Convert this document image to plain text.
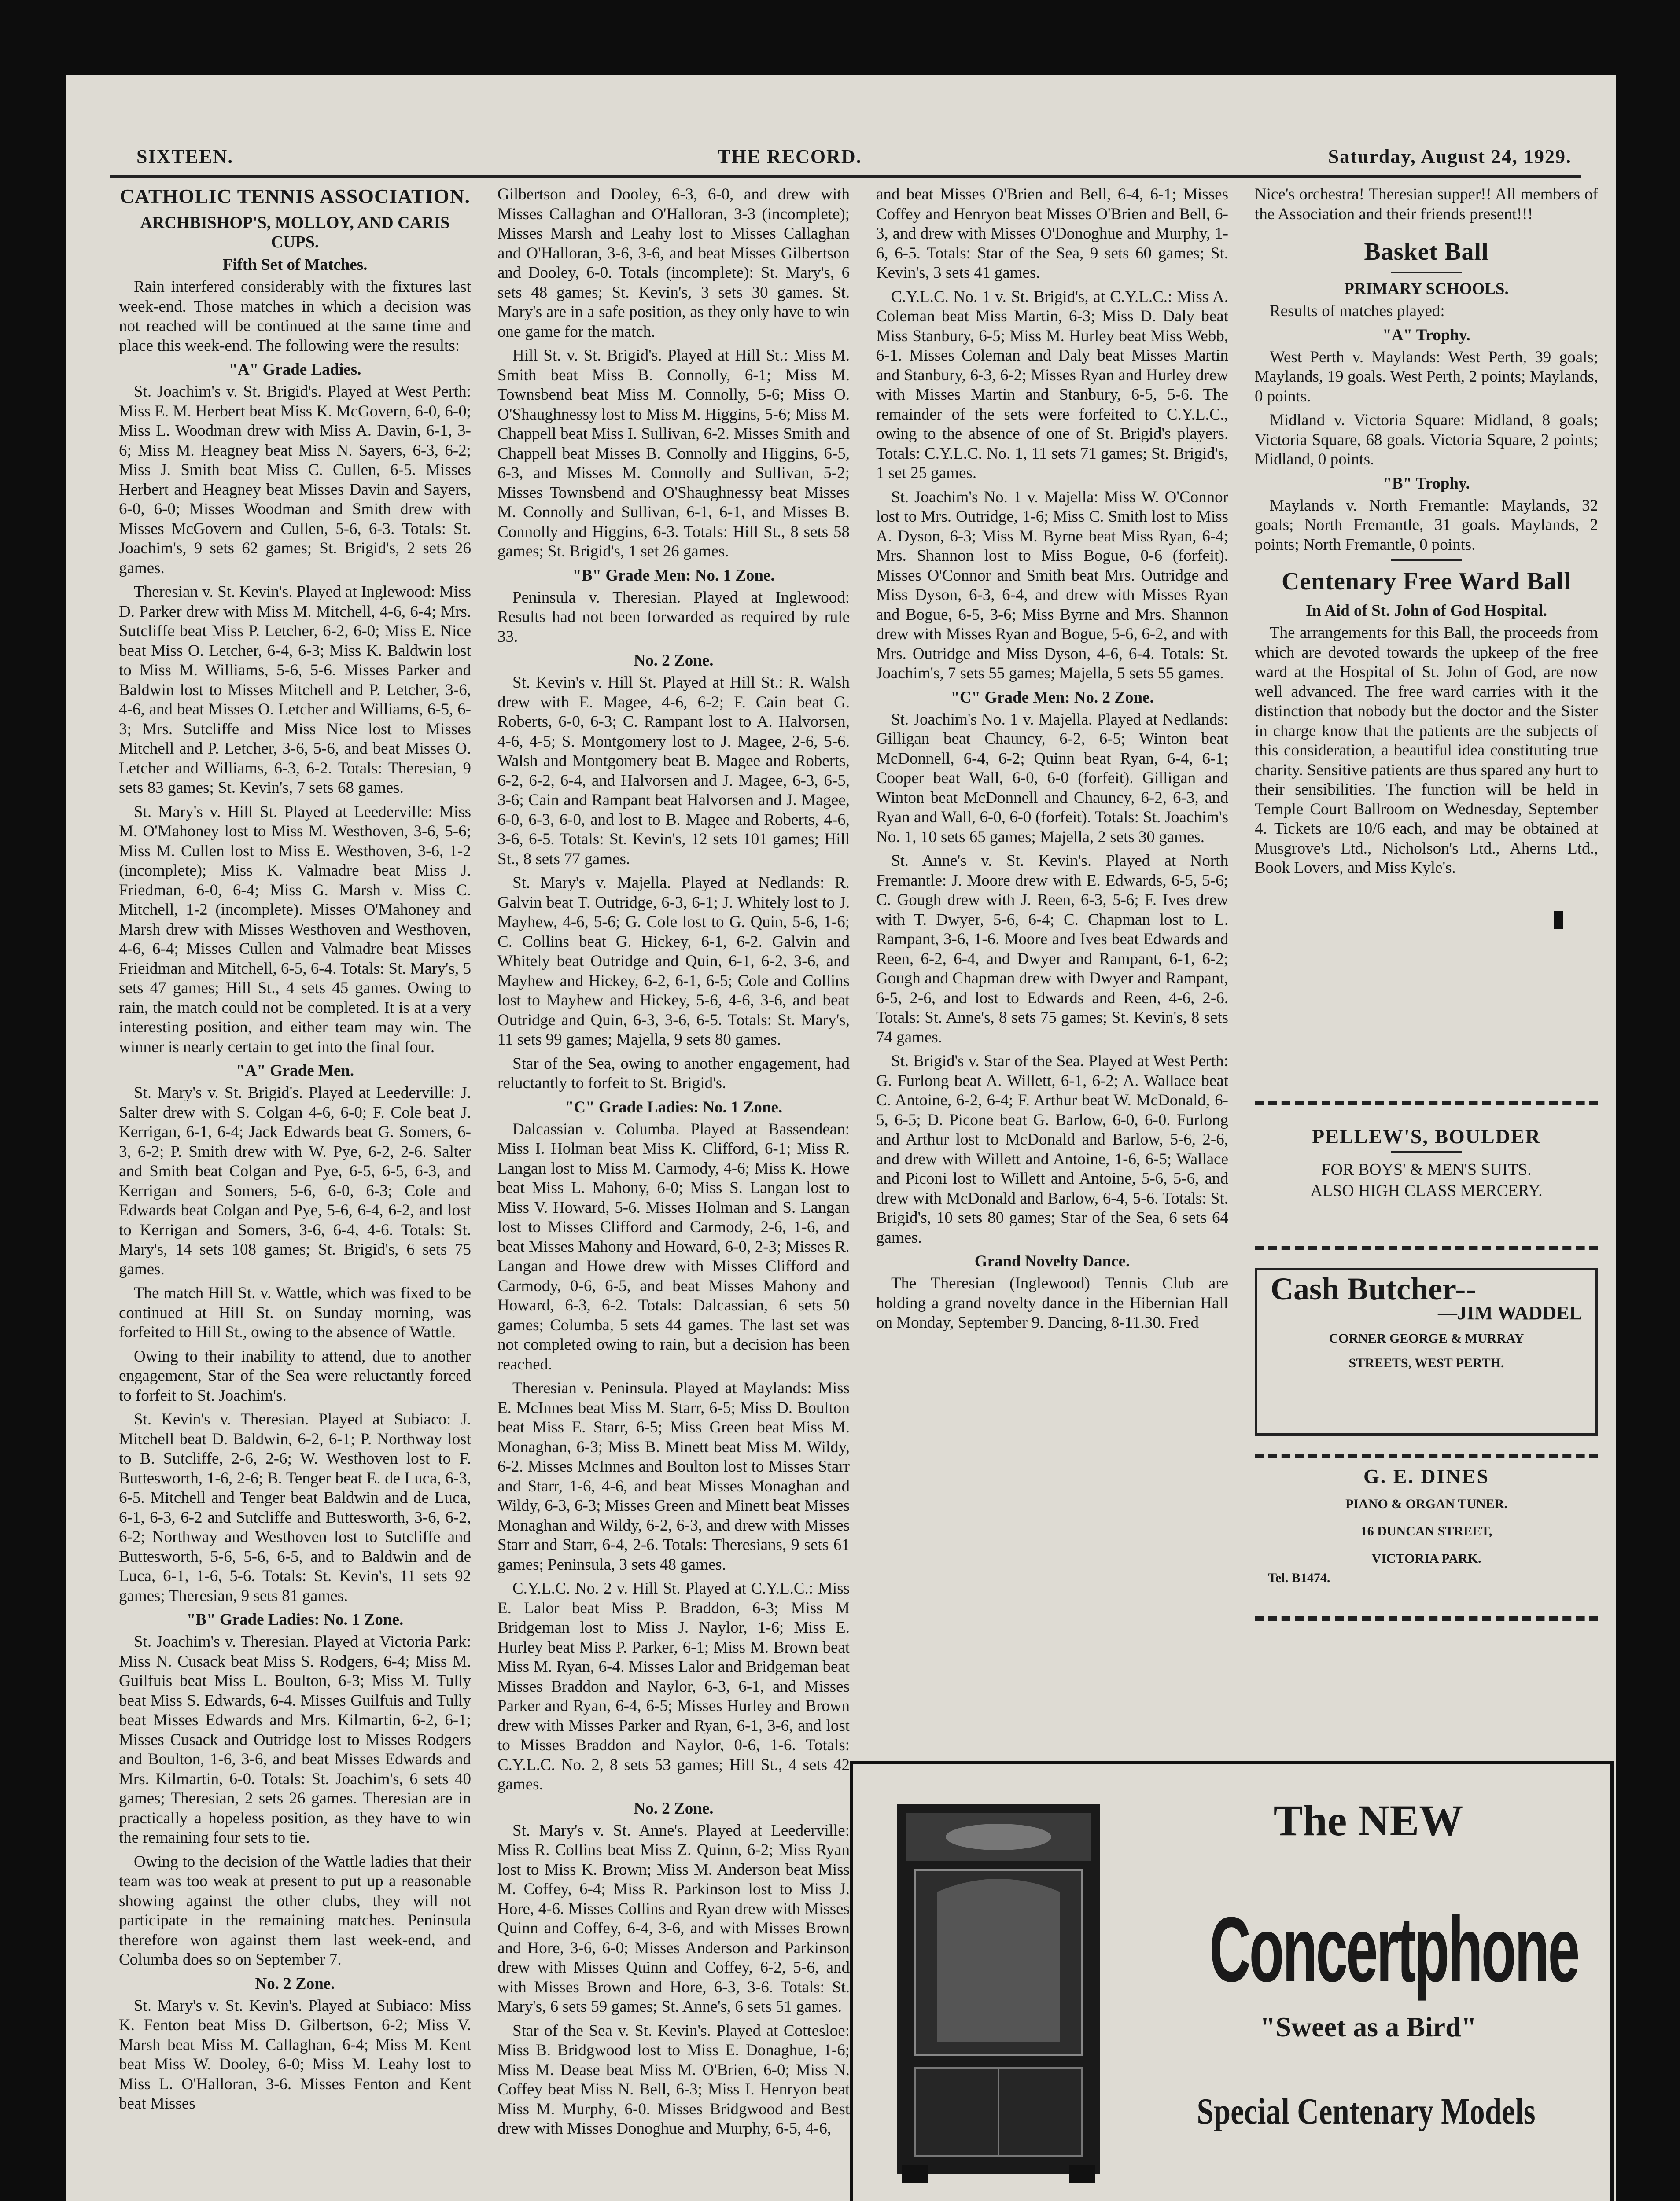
SIXTEEN.	THE RECORD.	Saturday, August 24, 1929.
CATHOLIC TENNIS ASSOCIATION.
ARCHBISHOP'S, MOLLOY, AND CARIS CUPS.
Fifth Set of Matches.

Rain interfered considerably with the fixtures last week-end. Those matches in which a decision was not reached will be continued at the same time and place this week-end. The following were the results:

"A" Grade Ladies.

St. Joachim's v. St. Brigid's. Played at West Perth: Miss E. M. Herbert beat Miss K. McGovern, 6-0, 6-0; Miss L. Woodman drew with Miss A. Davin, 6-1, 3-6; Miss M. Heagney beat Miss N. Sayers, 6-3, 6-2; Miss J. Smith beat Miss C. Cullen, 6-5. Misses Herbert and Heagney beat Misses Davin and Sayers, 6-0, 6-0; Misses Woodman and Smith drew with Misses McGovern and Cullen, 5-6, 6-3. Totals: St. Joachim's, 9 sets 62 games; St. Brigid's, 2 sets 26 games.

Theresian v. St. Kevin's. Played at Inglewood: Miss D. Parker drew with Miss M. Mitchell, 4-6, 6-4; Mrs. Sutcliffe beat Miss P. Letcher, 6-2, 6-0; Miss E. Nice beat Miss O. Letcher, 6-4, 6-3; Miss K. Baldwin lost to Miss M. Williams, 5-6, 5-6. Misses Parker and Baldwin lost to Misses Mitchell and P. Letcher, 3-6, 4-6, and beat Misses O. Letcher and Williams, 6-5, 6-3; Mrs. Sutcliffe and Miss Nice lost to Misses Mitchell and P. Letcher, 3-6, 5-6, and beat Misses O. Letcher and Williams, 6-3, 6-2. Totals: Theresian, 9 sets 83 games; St. Kevin's, 7 sets 68 games.

St. Mary's v. Hill St. Played at Leederville: Miss M. O'Mahoney lost to Miss M. Westhoven, 3-6, 5-6; Miss M. Cullen lost to Miss E. Westhoven, 3-6, 1-2 (incomplete); Miss K. Valmadre beat Miss J. Friedman, 6-0, 6-4; Miss G. Marsh v. Miss C. Mitchell, 1-2 (incomplete). Misses O'Mahoney and Marsh drew with Misses Westhoven and Westhoven, 4-6, 6-4; Misses Cullen and Valmadre beat Misses Frieidman and Mitchell, 6-5, 6-4. Totals: St. Mary's, 5 sets 47 games; Hill St., 4 sets 45 games. Owing to rain, the match could not be completed. It is at a very interesting position, and either team may win. The winner is nearly certain to get into the final four.

"A" Grade Men.

St. Mary's v. St. Brigid's. Played at Leederville: J. Salter drew with S. Colgan 4-6, 6-0; F. Cole beat J. Kerrigan, 6-1, 6-4; Jack Edwards beat G. Somers, 6-3, 6-2; P. Smith drew with W. Pye, 6-2, 2-6. Salter and Smith beat Colgan and Pye, 6-5, 6-5, 6-3, and Kerrigan and Somers, 5-6, 6-0, 6-3; Cole and Edwards beat Colgan and Pye, 5-6, 6-4, 6-2, and lost to Kerrigan and Somers, 3-6, 6-4, 4-6. Totals: St. Mary's, 14 sets 108 games; St. Brigid's, 6 sets 75 games.

The match Hill St. v. Wattle, which was fixed to be continued at Hill St. on Sunday morning, was forfeited to Hill St., owing to the absence of Wattle.

Owing to their inability to attend, due to another engagement, Star of the Sea were reluctantly forced to forfeit to St. Joachim's.

St. Kevin's v. Theresian. Played at Subiaco: J. Mitchell beat D. Baldwin, 6-2, 6-1; P. Northway lost to B. Sutcliffe, 2-6, 2-6; W. Westhoven lost to F. Buttesworth, 1-6, 2-6; B. Tenger beat E. de Luca, 6-3, 6-5. Mitchell and Tenger beat Baldwin and de Luca, 6-1, 6-3, 6-2 and Sutcliffe and Buttesworth, 3-6, 6-2, 6-2; Northway and Westhoven lost to Sutcliffe and Buttesworth, 5-6, 5-6, 6-5, and to Baldwin and de Luca, 6-1, 1-6, 5-6. Totals: St. Kevin's, 11 sets 92 games; Theresian, 9 sets 81 games.

"B" Grade Ladies: No. 1 Zone.

St. Joachim's v. Theresian. Played at Victoria Park: Miss N. Cusack beat Miss S. Rodgers, 6-4; Miss M. Guilfuis beat Miss L. Boulton, 6-3; Miss M. Tully beat Miss S. Edwards, 6-4. Misses Guilfuis and Tully beat Misses Edwards and Mrs. Kilmartin, 6-2, 6-1; Misses Cusack and Outridge lost to Misses Rodgers and Boulton, 1-6, 3-6, and beat Misses Edwards and Mrs. Kilmartin, 6-0. Totals: St. Joachim's, 6 sets 40 games; Theresian, 2 sets 26 games. Theresian are in practically a hopeless position, as they have to win the remaining four sets to tie.

Owing to the decision of the Wattle ladies that their team was too weak at present to put up a reasonable showing against the other clubs, they will not participate in the remaining matches. Peninsula therefore won against them last week-end, and Columba does so on September 7.

No. 2 Zone.

St. Mary's v. St. Kevin's. Played at Subiaco: Miss K. Fenton beat Miss D. Gilbertson, 6-2; Miss V. Marsh beat Miss M. Callaghan, 6-4; Miss M. Kent beat Miss W. Dooley, 6-0; Miss M. Leahy lost to Miss L. O'Halloran, 3-6. Misses Fenton and Kent beat Misses

Gilbertson and Dooley, 6-3, 6-0, and drew with Misses Callaghan and O'Halloran, 3-3 (incomplete); Misses Marsh and Leahy lost to Misses Callaghan and O'Halloran, 3-6, 3-6, and beat Misses Gilbertson and Dooley, 6-0. Totals (incomplete): St. Mary's, 6 sets 48 games; St. Kevin's, 3 sets 30 games. St. Mary's are in a safe position, as they only have to win one game for the match.

Hill St. v. St. Brigid's. Played at Hill St.: Miss M. Smith beat Miss B. Connolly, 6-1; Miss M. Townsbend beat Miss M. Connolly, 5-6; Miss O. O'Shaughnessy lost to Miss M. Higgins, 5-6; Miss M. Chappell beat Miss I. Sullivan, 6-2. Misses Smith and Chappell beat Misses B. Connolly and Higgins, 6-5, 6-3, and Misses M. Connolly and Sullivan, 5-2; Misses Townsbend and O'Shaughnessy beat Misses M. Connolly and Sullivan, 6-1, 6-1, and Misses B. Connolly and Higgins, 6-3. Totals: Hill St., 8 sets 58 games; St. Brigid's, 1 set 26 games.

"B" Grade Men: No. 1 Zone.

Peninsula v. Theresian. Played at Inglewood: Results had not been forwarded as required by rule 33.

No. 2 Zone.

St. Kevin's v. Hill St. Played at Hill St.: R. Walsh drew with E. Magee, 4-6, 6-2; F. Cain beat G. Roberts, 6-0, 6-3; C. Rampant lost to A. Halvorsen, 4-6, 4-5; S. Montgomery lost to J. Magee, 2-6, 5-6. Walsh and Montgomery beat B. Magee and Roberts, 6-2, 6-2, 6-4, and Halvorsen and J. Magee, 6-3, 6-5, 3-6; Cain and Rampant beat Halvorsen and J. Magee, 6-0, 6-3, 6-0, and lost to B. Magee and Roberts, 4-6, 3-6, 6-5. Totals: St. Kevin's, 12 sets 101 games; Hill St., 8 sets 77 games.

St. Mary's v. Majella. Played at Nedlands: R. Galvin beat T. Outridge, 6-3, 6-1; J. Whitely lost to J. Mayhew, 4-6, 5-6; G. Cole lost to G. Quin, 5-6, 1-6; C. Collins beat G. Hickey, 6-1, 6-2. Galvin and Whitely beat Outridge and Quin, 6-1, 6-2, 3-6, and Mayhew and Hickey, 6-2, 6-1, 6-5; Cole and Collins lost to Mayhew and Hickey, 5-6, 4-6, 3-6, and beat Outridge and Quin, 6-3, 3-6, 6-5. Totals: St. Mary's, 11 sets 99 games; Majella, 9 sets 80 games.

Star of the Sea, owing to another engagement, had reluctantly to forfeit to St. Brigid's.

"C" Grade Ladies: No. 1 Zone.

Dalcassian v. Columba. Played at Bassendean: Miss I. Holman beat Miss K. Clifford, 6-1; Miss R. Langan lost to Miss M. Carmody, 4-6; Miss K. Howe beat Miss L. Mahony, 6-0; Miss S. Langan lost to Miss V. Howard, 5-6. Misses Holman and S. Langan lost to Misses Clifford and Carmody, 2-6, 1-6, and beat Misses Mahony and Howard, 6-0, 2-3; Misses R. Langan and Howe drew with Misses Clifford and Carmody, 0-6, 6-5, and beat Misses Mahony and Howard, 6-3, 6-2. Totals: Dalcassian, 6 sets 50 games; Columba, 5 sets 44 games. The last set was not completed owing to rain, but a decision has been reached.

Theresian v. Peninsula. Played at Maylands: Miss E. McInnes beat Miss M. Starr, 6-5; Miss D. Boulton beat Miss E. Starr, 6-5; Miss Green beat Miss M. Monaghan, 6-3; Miss B. Minett beat Miss M. Wildy, 6-2. Misses McInnes and Boulton lost to Misses Starr and Starr, 1-6, 4-6, and beat Misses Monaghan and Wildy, 6-3, 6-3; Misses Green and Minett beat Misses Monaghan and Wildy, 6-2, 6-3, and drew with Misses Starr and Starr, 6-4, 2-6. Totals: Theresians, 9 sets 61 games; Peninsula, 3 sets 48 games.

C.Y.L.C. No. 2 v. Hill St. Played at C.Y.L.C.: Miss E. Lalor beat Miss P. Braddon, 6-3; Miss M Bridgeman lost to Miss J. Naylor, 1-6; Miss E. Hurley beat Miss P. Parker, 6-1; Miss M. Brown beat Miss M. Ryan, 6-4. Misses Lalor and Bridgeman beat Misses Braddon and Naylor, 6-3, 6-1, and Misses Parker and Ryan, 6-4, 6-5; Misses Hurley and Brown drew with Misses Parker and Ryan, 6-1, 3-6, and lost to Misses Braddon and Naylor, 0-6, 1-6. Totals: C.Y.L.C. No. 2, 8 sets 53 games; Hill St., 4 sets 42 games.

No. 2 Zone.

St. Mary's v. St. Anne's. Played at Leederville: Miss R. Collins beat Miss Z. Quinn, 6-2; Miss Ryan lost to Miss K. Brown; Miss M. Anderson beat Miss M. Coffey, 6-4; Miss R. Parkinson lost to Miss J. Hore, 4-6. Misses Collins and Ryan drew with Misses Quinn and Coffey, 6-4, 3-6, and with Misses Brown and Hore, 3-6, 6-0; Misses Anderson and Parkinson drew with Misses Quinn and Coffey, 6-2, 5-6, and with Misses Brown and Hore, 6-3, 3-6. Totals: St. Mary's, 6 sets 59 games; St. Anne's, 6 sets 51 games.

Star of the Sea v. St. Kevin's. Played at Cottesloe: Miss B. Bridgwood lost to Miss E. Donaghue, 1-6; Miss M. Dease beat Miss M. O'Brien, 6-0; Miss N. Coffey beat Miss N. Bell, 6-3; Miss I. Henryon beat Miss M. Murphy, 6-0. Misses Bridgwood and Best drew with Misses Donoghue and Murphy, 6-5, 4-6,

and beat Misses O'Brien and Bell, 6-4, 6-1; Misses Coffey and Henryon beat Misses O'Brien and Bell, 6-3, and drew with Misses O'Donoghue and Murphy, 1-6, 6-5. Totals: Star of the Sea, 9 sets 60 games; St. Kevin's, 3 sets 41 games.

C.Y.L.C. No. 1 v. St. Brigid's, at C.Y.L.C.: Miss A. Coleman beat Miss Martin, 6-3; Miss D. Daly beat Miss Stanbury, 6-5; Miss M. Hurley beat Miss Webb, 6-1. Misses Coleman and Daly beat Misses Martin and Stanbury, 6-3, 6-2; Misses Ryan and Hurley drew with Misses Martin and Stanbury, 6-5, 5-6. The remainder of the sets were forfeited to C.Y.L.C., owing to the absence of one of St. Brigid's players. Totals: C.Y.L.C. No. 1, 11 sets 71 games; St. Brigid's, 1 set 25 games.

St. Joachim's No. 1 v. Majella: Miss W. O'Connor lost to Mrs. Outridge, 1-6; Miss C. Smith lost to Miss A. Dyson, 6-3; Miss M. Byrne beat Miss Ryan, 6-4; Mrs. Shannon lost to Miss Bogue, 0-6 (forfeit). Misses O'Connor and Smith beat Mrs. Outridge and Miss Dyson, 6-3, 6-4, and drew with Misses Ryan and Bogue, 6-5, 3-6; Miss Byrne and Mrs. Shannon drew with Misses Ryan and Bogue, 5-6, 6-2, and with Mrs. Outridge and Miss Dyson, 4-6, 6-4. Totals: St. Joachim's, 7 sets 55 games; Majella, 5 sets 55 games.

"C" Grade Men: No. 2 Zone.

St. Joachim's No. 1 v. Majella. Played at Nedlands: Gilligan beat Chauncy, 6-2, 6-5; Winton beat McDonnell, 6-4, 6-2; Quinn beat Ryan, 6-4, 6-1; Cooper beat Wall, 6-0, 6-0 (forfeit). Gilligan and Winton beat McDonnell and Chauncy, 6-2, 6-3, and Ryan and Wall, 6-0, 6-0 (forfeit). Totals: St. Joachim's No. 1, 10 sets 65 games; Majella, 2 sets 30 games.

St. Anne's v. St. Kevin's. Played at North Fremantle: J. Moore drew with E. Edwards, 6-5, 5-6; C. Gough drew with J. Reen, 6-3, 5-6; F. Ives drew with T. Dwyer, 5-6, 6-4; C. Chapman lost to L. Rampant, 3-6, 1-6. Moore and Ives beat Edwards and Reen, 6-2, 6-4, and Dwyer and Rampant, 6-1, 6-2; Gough and Chapman drew with Dwyer and Rampant, 6-5, 2-6, and lost to Edwards and Reen, 4-6, 2-6. Totals: St. Anne's, 8 sets 75 games; St. Kevin's, 8 sets 74 games.

St. Brigid's v. Star of the Sea. Played at West Perth: G. Furlong beat A. Willett, 6-1, 6-2; A. Wallace beat C. Antoine, 6-2, 6-4; F. Arthur beat W. McDonald, 6-5, 6-5; D. Picone beat G. Barlow, 6-0, 6-0. Furlong and Arthur lost to McDonald and Barlow, 5-6, 2-6, and drew with Willett and Antoine, 1-6, 6-5; Wallace and Piconi lost to Willett and Antoine, 5-6, 5-6, and drew with McDonald and Barlow, 6-4, 5-6. Totals: St. Brigid's, 10 sets 80 games; Star of the Sea, 6 sets 64 games.

Grand Novelty Dance.

The Theresian (Inglewood) Tennis Club are holding a grand novelty dance in the Hibernian Hall on Monday, September 9. Dancing, 8-11.30. Fred

Nice's orchestra! Theresian supper!! All members of the Association and their friends present!!!

Basket Ball
PRIMARY SCHOOLS.

Results of matches played:

"A" Trophy.

West Perth v. Maylands: West Perth, 39 goals; Maylands, 19 goals. West Perth, 2 points; Maylands, 0 points.

Midland v. Victoria Square: Midland, 8 goals; Victoria Square, 68 goals. Victoria Square, 2 points; Midland, 0 points.

"B" Trophy.

Maylands v. North Fremantle: Maylands, 32 goals; North Fremantle, 31 goals. Maylands, 2 points; North Fremantle, 0 points.

Centenary Free Ward Ball
In Aid of St. John of God Hospital.

The arrangements for this Ball, the proceeds from which are devoted towards the upkeep of the free ward at the Hospital of St. John of God, are now well advanced. The free ward carries with it the distinction that nobody but the doctor and the Sister in charge know that the patients are the subjects of this consideration, a beautiful idea constituting true charity. Sensitive patients are thus spared any hurt to their sensibilities. The function will be held in Temple Court Ballroom on Wednesday, September 4. Tickets are 10/6 each, and may be obtained at Musgrove's Ltd., Nicholson's Ltd., Aherns Ltd., Book Lovers, and Miss Kyle's.

PELLEW'S, BOULDER
FOR BOYS' & MEN'S SUITS.
ALSO HIGH CLASS MERCERY.
Cash Butcher--
—JIM WADDEL
CORNER GEORGE & MURRAY
STREETS, WEST PERTH.
G. E. DINES
PIANO & ORGAN TUNER.
16 DUNCAN STREET,
VICTORIA PARK.
Tel. B1474.
The NEW
Concertphone
"Sweet as a Bird"
Special Centenary Models
